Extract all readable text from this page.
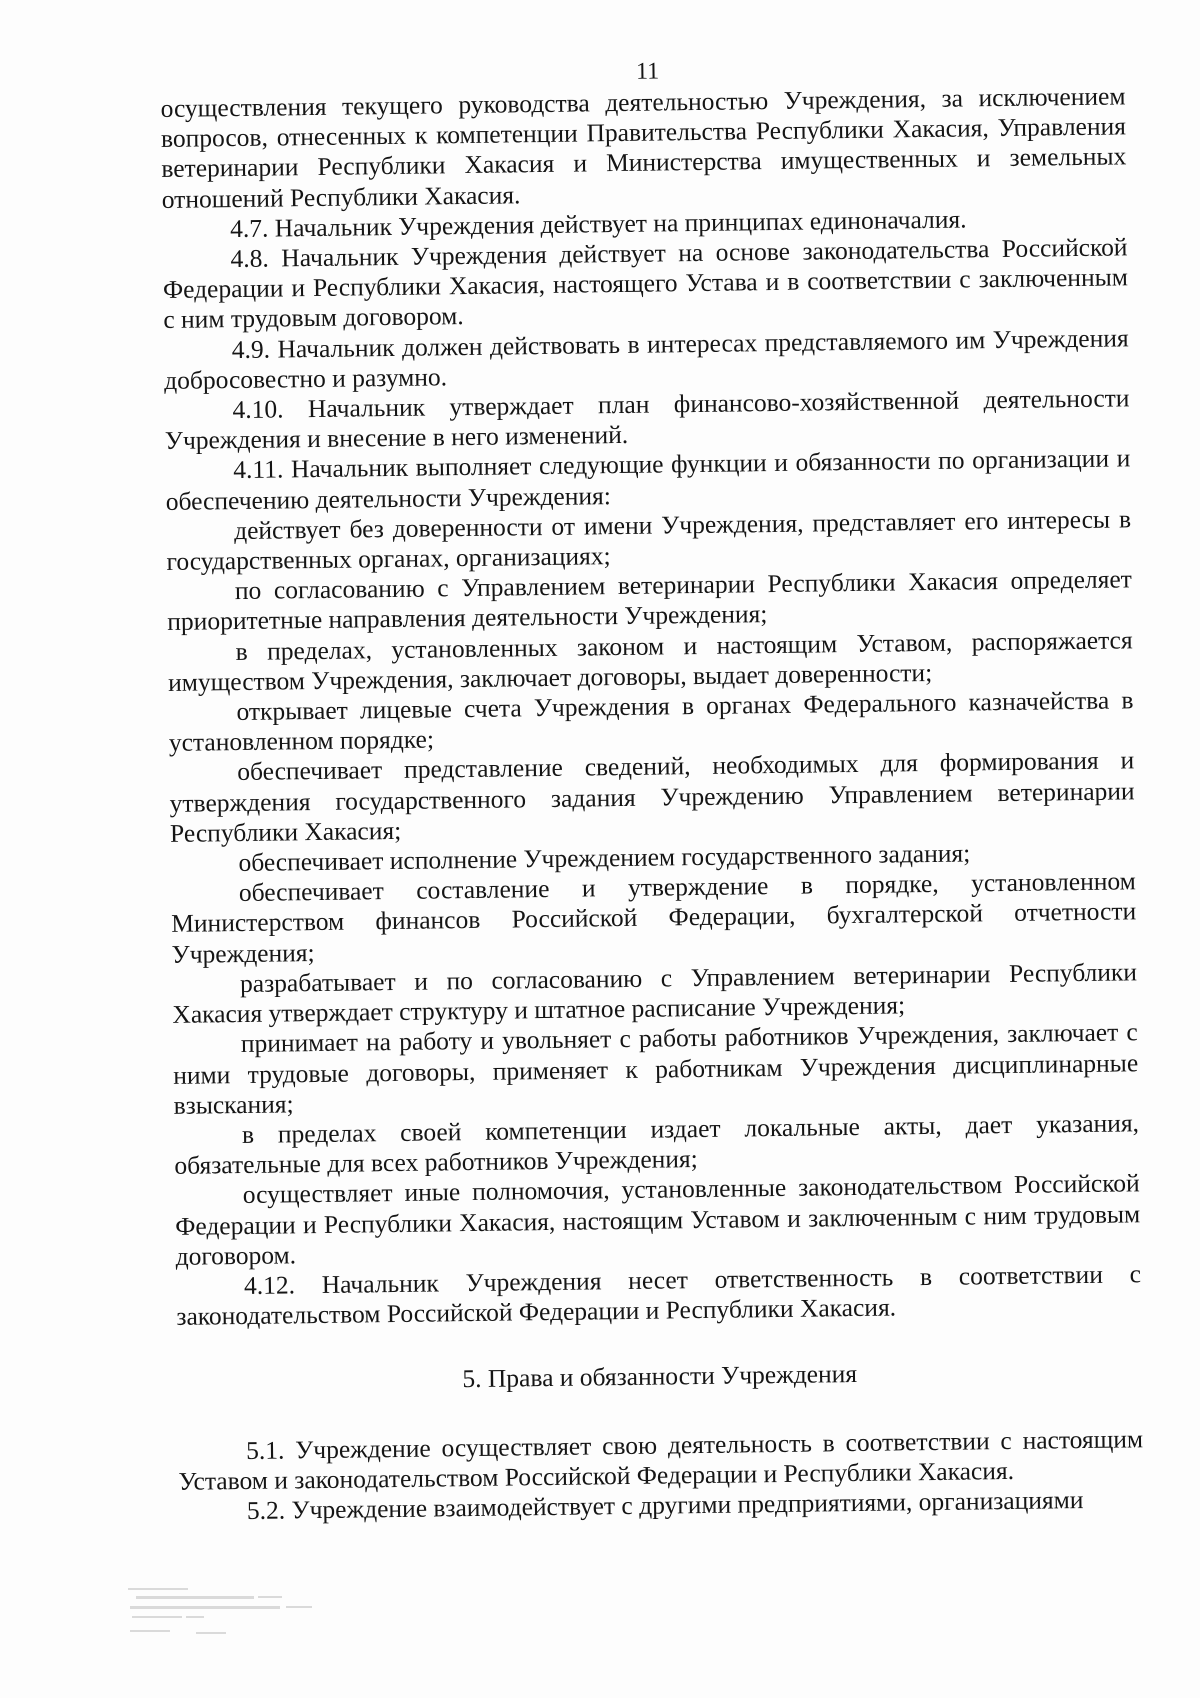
11

осуществления текущего руководства деятельностью Учреждения, за исключением вопросов, отнесенных к компетенции Правительства Республики Хакасия, Управления ветеринарии Республики Хакасия и Министерства имущественных и земельных отношений Республики Хакасия.

4.7. Начальник Учреждения действует на принципах единоначалия.

4.8. Начальник Учреждения действует на основе законодательства Российской Федерации и Республики Хакасия, настоящего Устава и в соответствии с заключенным с ним трудовым договором.

4.9. Начальник должен действовать в интересах представляемого им Учреждения добросовестно и разумно.

4.10. Начальник утверждает план финансово-хозяйственной деятельности Учреждения и внесение в него изменений.

4.11. Начальник выполняет следующие функции и обязанности по организации и обеспечению деятельности Учреждения:

действует без доверенности от имени Учреждения, представляет его интересы в государственных органах, организациях;

по согласованию с Управлением ветеринарии Республики Хакасия определяет приоритетные направления деятельности Учреждения;

в пределах, установленных законом и настоящим Уставом, распоряжается имуществом Учреждения, заключает договоры, выдает доверенности;

открывает лицевые счета Учреждения в органах Федерального казначейства в установленном порядке;

обеспечивает представление сведений, необходимых для формирования и утверждения государственного задания Учреждению Управлением ветеринарии Республики Хакасия;

обеспечивает исполнение Учреждением государственного задания;

обеспечивает составление и утверждение в порядке, установленном Министерством финансов Российской Федерации, бухгалтерской отчетности Учреждения;

разрабатывает и по согласованию с Управлением ветеринарии Республики Хакасия утверждает структуру и штатное расписание Учреждения;

принимает на работу и увольняет с работы работников Учреждения, заключает с ними трудовые договоры, применяет к работникам Учреждения дисциплинарные взыскания;

в пределах своей компетенции издает локальные акты, дает указания, обязательные для всех работников Учреждения;

осуществляет иные полномочия, установленные законодательством Российской Федерации и Республики Хакасия, настоящим Уставом и заключенным с ним трудовым договором.

4.12. Начальник Учреждения несет ответственность в соответствии с законодательством Российской Федерации и Республики Хакасия.

5. Права и обязанности Учреждения

5.1. Учреждение осуществляет свою деятельность в соответствии с настоящим Уставом и законодательством Российской Федерации и Республики Хакасия.

5.2. Учреждение взаимодействует с другими предприятиями, организациями
